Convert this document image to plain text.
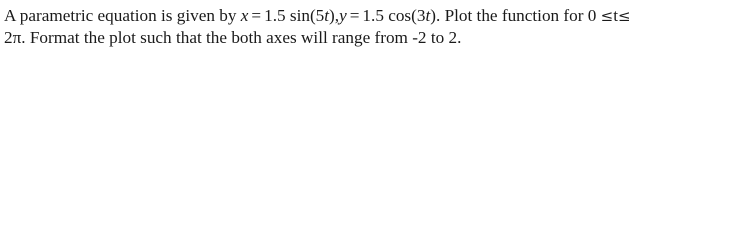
A parametric equation is given by x = 1.5 sin(5t),y = 1.5 cos(3t). Plot the function for 0 ≤t≤
2π. Format the plot such that the both axes will range from -2 to 2.
